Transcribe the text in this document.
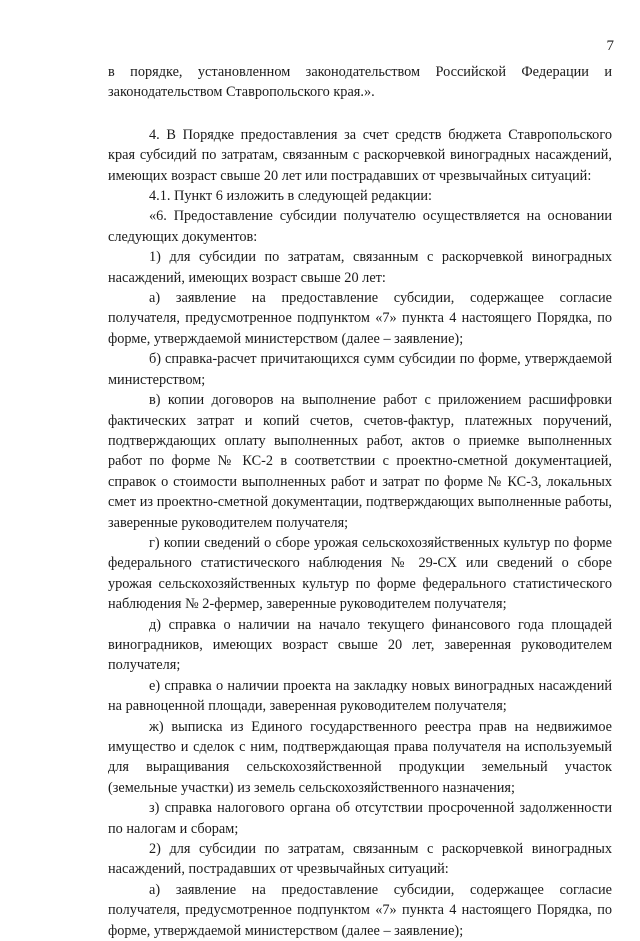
7

в порядке, установленном законодательством Российской Федерации и законодательством Ставропольского края.».

4. В Порядке предоставления за счет средств бюджета Ставропольского края субсидий по затратам, связанным с раскорчевкой виноградных насаждений, имеющих возраст свыше 20 лет или пострадавших от чрезвычайных ситуаций:

4.1. Пункт 6 изложить в следующей редакции:

«6. Предоставление субсидии получателю осуществляется на основании следующих документов:

1) для субсидии по затратам, связанным с раскорчевкой виноградных насаждений, имеющих возраст свыше 20 лет:

а) заявление на предоставление субсидии, содержащее согласие получателя, предусмотренное подпунктом «7» пункта 4 настоящего Порядка, по форме, утверждаемой министерством (далее – заявление);

б) справка-расчет причитающихся сумм субсидии по форме, утверждаемой министерством;

в) копии договоров на выполнение работ с приложением расшифровки фактических затрат и копий счетов, счетов-фактур, платежных поручений, подтверждающих оплату выполненных работ, актов о приемке выполненных работ по форме № КС-2 в соответствии с проектно-сметной документацией, справок о стоимости выполненных работ и затрат по форме № КС-3, локальных смет из проектно-сметной документации, подтверждающих выполненные работы, заверенные руководителем получателя;

г) копии сведений о сборе урожая сельскохозяйственных культур по форме федерального статистического наблюдения № 29-СХ или сведений о сборе урожая сельскохозяйственных культур по форме федерального статистического наблюдения № 2-фермер, заверенные руководителем получателя;

д) справка о наличии на начало текущего финансового года площадей виноградников, имеющих возраст свыше 20 лет, заверенная руководителем получателя;

е) справка о наличии проекта на закладку новых виноградных насаждений на равноценной площади, заверенная руководителем получателя;

ж) выписка из Единого государственного реестра прав на недвижимое имущество и сделок с ним, подтверждающая права получателя на используемый для выращивания сельскохозяйственной продукции земельный участок (земельные участки) из земель сельскохозяйственного назначения;

з) справка налогового органа об отсутствии просроченной задолженности по налогам и сборам;

2) для субсидии по затратам, связанным с раскорчевкой виноградных насаждений, пострадавших от чрезвычайных ситуаций:

а) заявление на предоставление субсидии, содержащее согласие получателя, предусмотренное подпунктом «7» пункта 4 настоящего Порядка, по форме, утверждаемой министерством (далее – заявление);
